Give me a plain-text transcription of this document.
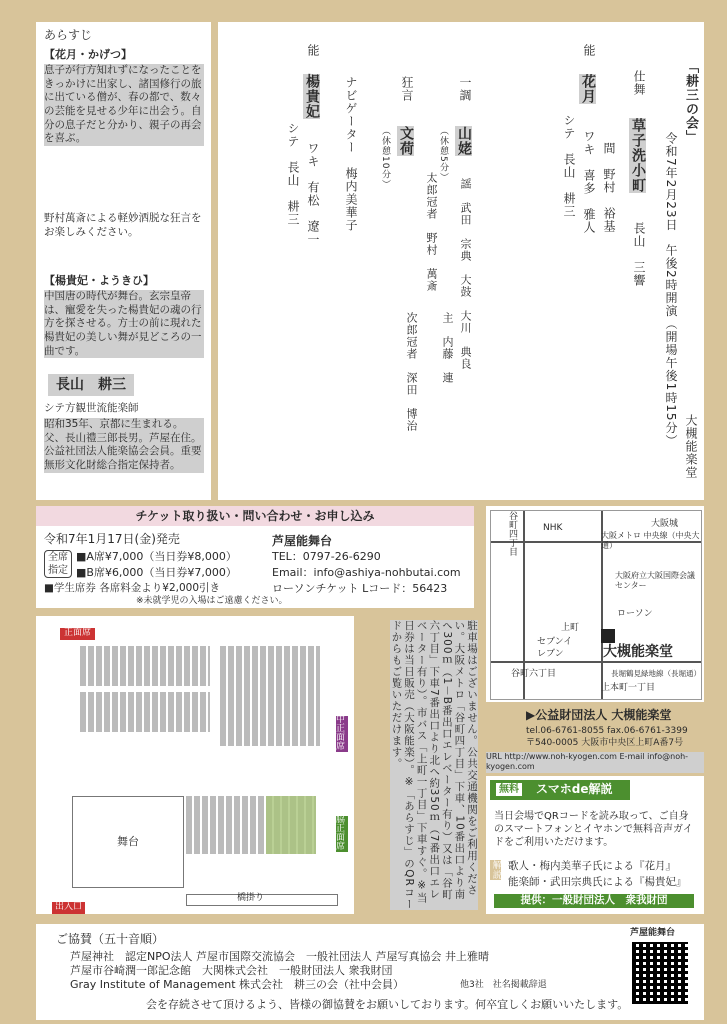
あらすじ
【花月・かげつ】
息子が行方知れずになったことをきっかけに出家し、諸国修行の旅に出ている僧が、春の都で、数々の芸能を見せる少年に出会う。自分の息子だと分かり、親子の再会を喜ぶ。
野村萬斎による軽妙洒脱な狂言をお楽しみください。
【楊貴妃・ようきひ】
中国唐の時代が舞台。玄宗皇帝は、寵愛を失った楊貴妃の魂の行方を探させる。方士の前に現れた楊貴妃の美しい舞が見どころの一曲です。
長山　耕三
シテ方観世流能楽師
昭和35年、京都に生まれる。父、長山禮三郎長男。芦屋在住。公益社団法人能楽協会会員。重要無形文化財総合指定保持者。
「耕三の会」
令和7年2月23日
午後2時開演（開場午後1時15分） 大槻能楽堂
仕舞
草子洗小町
長山　三響
能
花月
シテ　長山　耕三 ワキ　喜多　雅人 間　野村　裕基
一調
山姥
謡　武田　宗典　大鼓　大川　典良
（休憩5分）
狂言
文荷
太郎冠者　野村　萬斎
主　内藤　連
次郎冠者　深田　博治
（休憩10分）
能
楊貴妃
シテ　長山　耕三 ワキ　有松　遼一 ナビゲーター　梅内美華子
チケット取り扱い・問い合わせ・お申し込み
令和7年1月17日(金)発売
全席指定
■A席¥7,000（当日券¥8,000）
■B席¥6,000（当日券¥7,000）
■学生席券 各席料金より¥2,000引き
※未就学児の入場はご遠慮ください。
芦屋能舞台
TEL：0797-26-6290
Email：info@ashiya-nohbutai.com
ローソンチケット Lコード：56423
谷町四丁目
NHK	大阪城
大阪メトロ 中央線（中央大通）
大阪府立大阪国際会議センター
ローソン
上町
セブンイレブン	大槻能楽堂
谷町六丁目
上本町一丁目
長堀鶴見緑地線（長堀通）
▶公益財団法人 大槻能楽堂
tel.06-6761-8055 fax.06-6761-3399
〒540-0005 大阪市中央区上町A番7号
URL http://www.noh-kyogen.com E-mail info@noh-kyogen.com
正面席
中正面席
脇正面席
舞台
橋掛り
出入口
駐車場はございません。公共交通機関をご利用ください。大阪メトロ「谷町四丁目」下車、10番出口より南へ300ｍ（1－B番出口エレベーター有り）又は「谷町六丁目」下車7番出口より北へ約350ｍ（7番出口エレベーター有り）。市バス「上町一丁目」下車すぐ。※当日券は当日販売（大阪能楽）。※「あらすじ」のQRコードからもご覧いただけます。
無料 スマホde解説
当日会場でQRコードを読み取って、ご自身のスマートフォンとイヤホンで無料音声ガイドをご利用いただけます。
解説 歌人・梅内美華子氏による『花月』
能楽師・武田宗典氏による『楊貴妃』
提供：一般財団法人　衆我財団
ご協賛（五十音順）
芦屋神社　認定NPO法人 芦屋市国際交流協会　一般社団法人 芦屋写真協会 井上雅晴
芦屋市谷崎潤一郎記念館　大関株式会社　一般財団法人 衆我財団
Gray Institute of Management 株式会社　耕三の会（社中会員）	他3社　社名掲載辞退
会を存続させて頂けるよう、皆様の御協賛をお願いしております。何卒宜しくお願いいたします。
芦屋能舞台
